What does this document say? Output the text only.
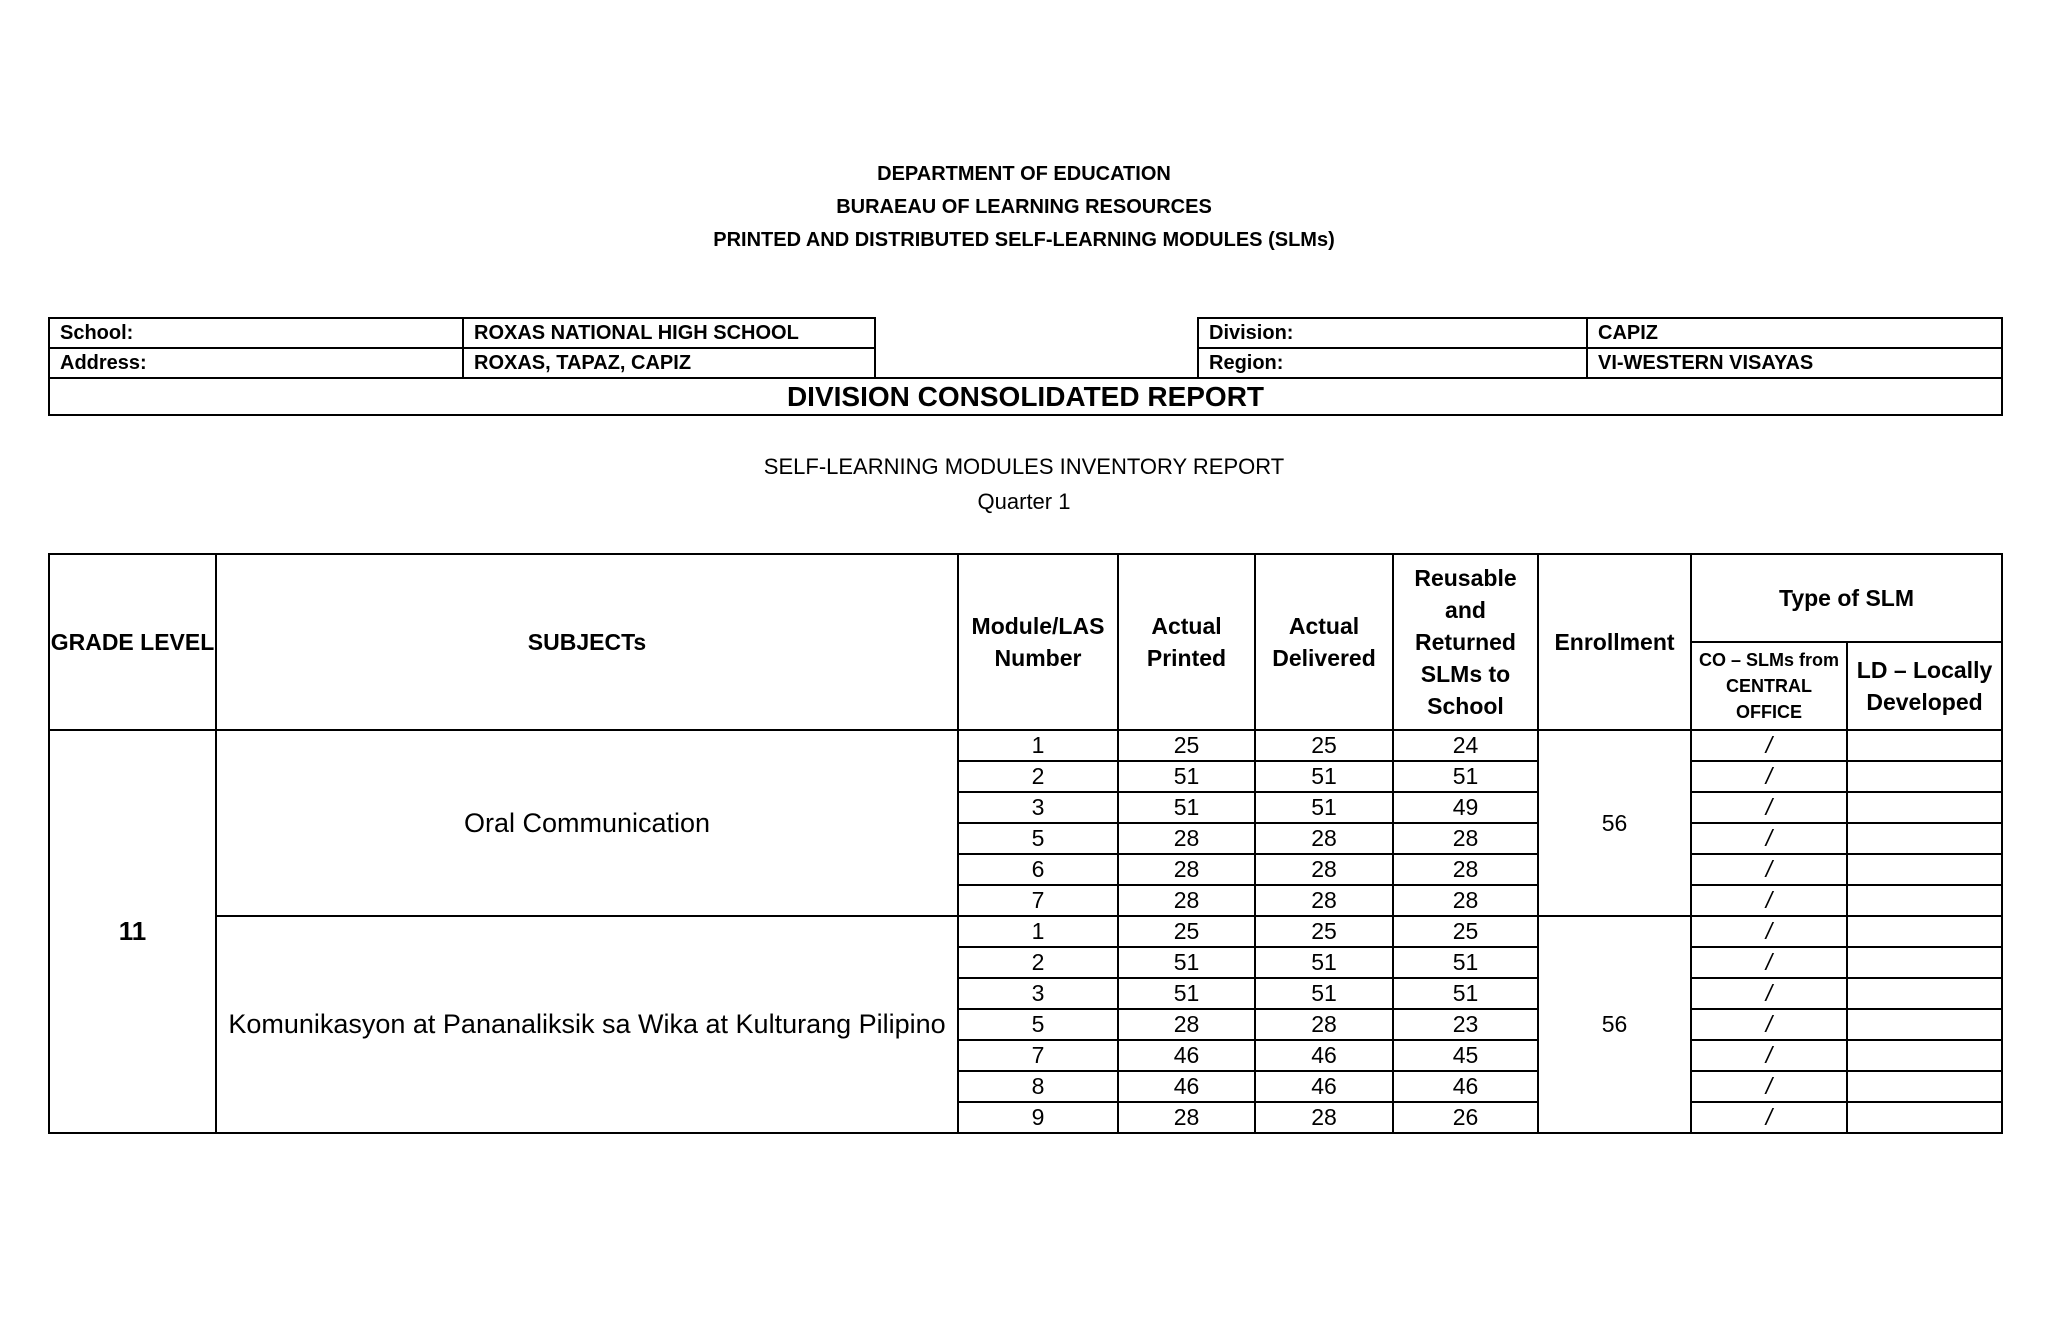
DEPARTMENT OF EDUCATION
BURAEAU OF LEARNING RESOURCES
PRINTED AND DISTRIBUTED SELF-LEARNING MODULES (SLMs)
School:	ROXAS NATIONAL HIGH SCHOOL		Division:	CAPIZ
Address:	ROXAS, TAPAZ, CAPIZ		Region:	VI-WESTERN VISAYAS
DIVISION CONSOLIDATED REPORT				
SELF-LEARNING MODULES INVENTORY REPORT
Quarter 1
GRADE LEVEL	SUBJECTs	Module/LAS Number	Actual Printed	Actual Delivered	Reusable and Returned SLMs to School	Enrollment	Type of SLM	
							CO – SLMs from CENTRAL OFFICE	LD – Locally Developed
11	Oral Communication	1	25	25	24	56	/	
		2	51	51	51		/	
		3	51	51	49		/	
		5	28	28	28		/	
		6	28	28	28		/	
		7	28	28	28		/	
	Komunikasyon at Pananaliksik sa Wika at Kulturang Pilipino	1	25	25	25	56	/	
		2	51	51	51		/	
		3	51	51	51		/	
		5	28	28	23		/	
		7	46	46	45		/	
		8	46	46	46		/	
		9	28	28	26		/	
